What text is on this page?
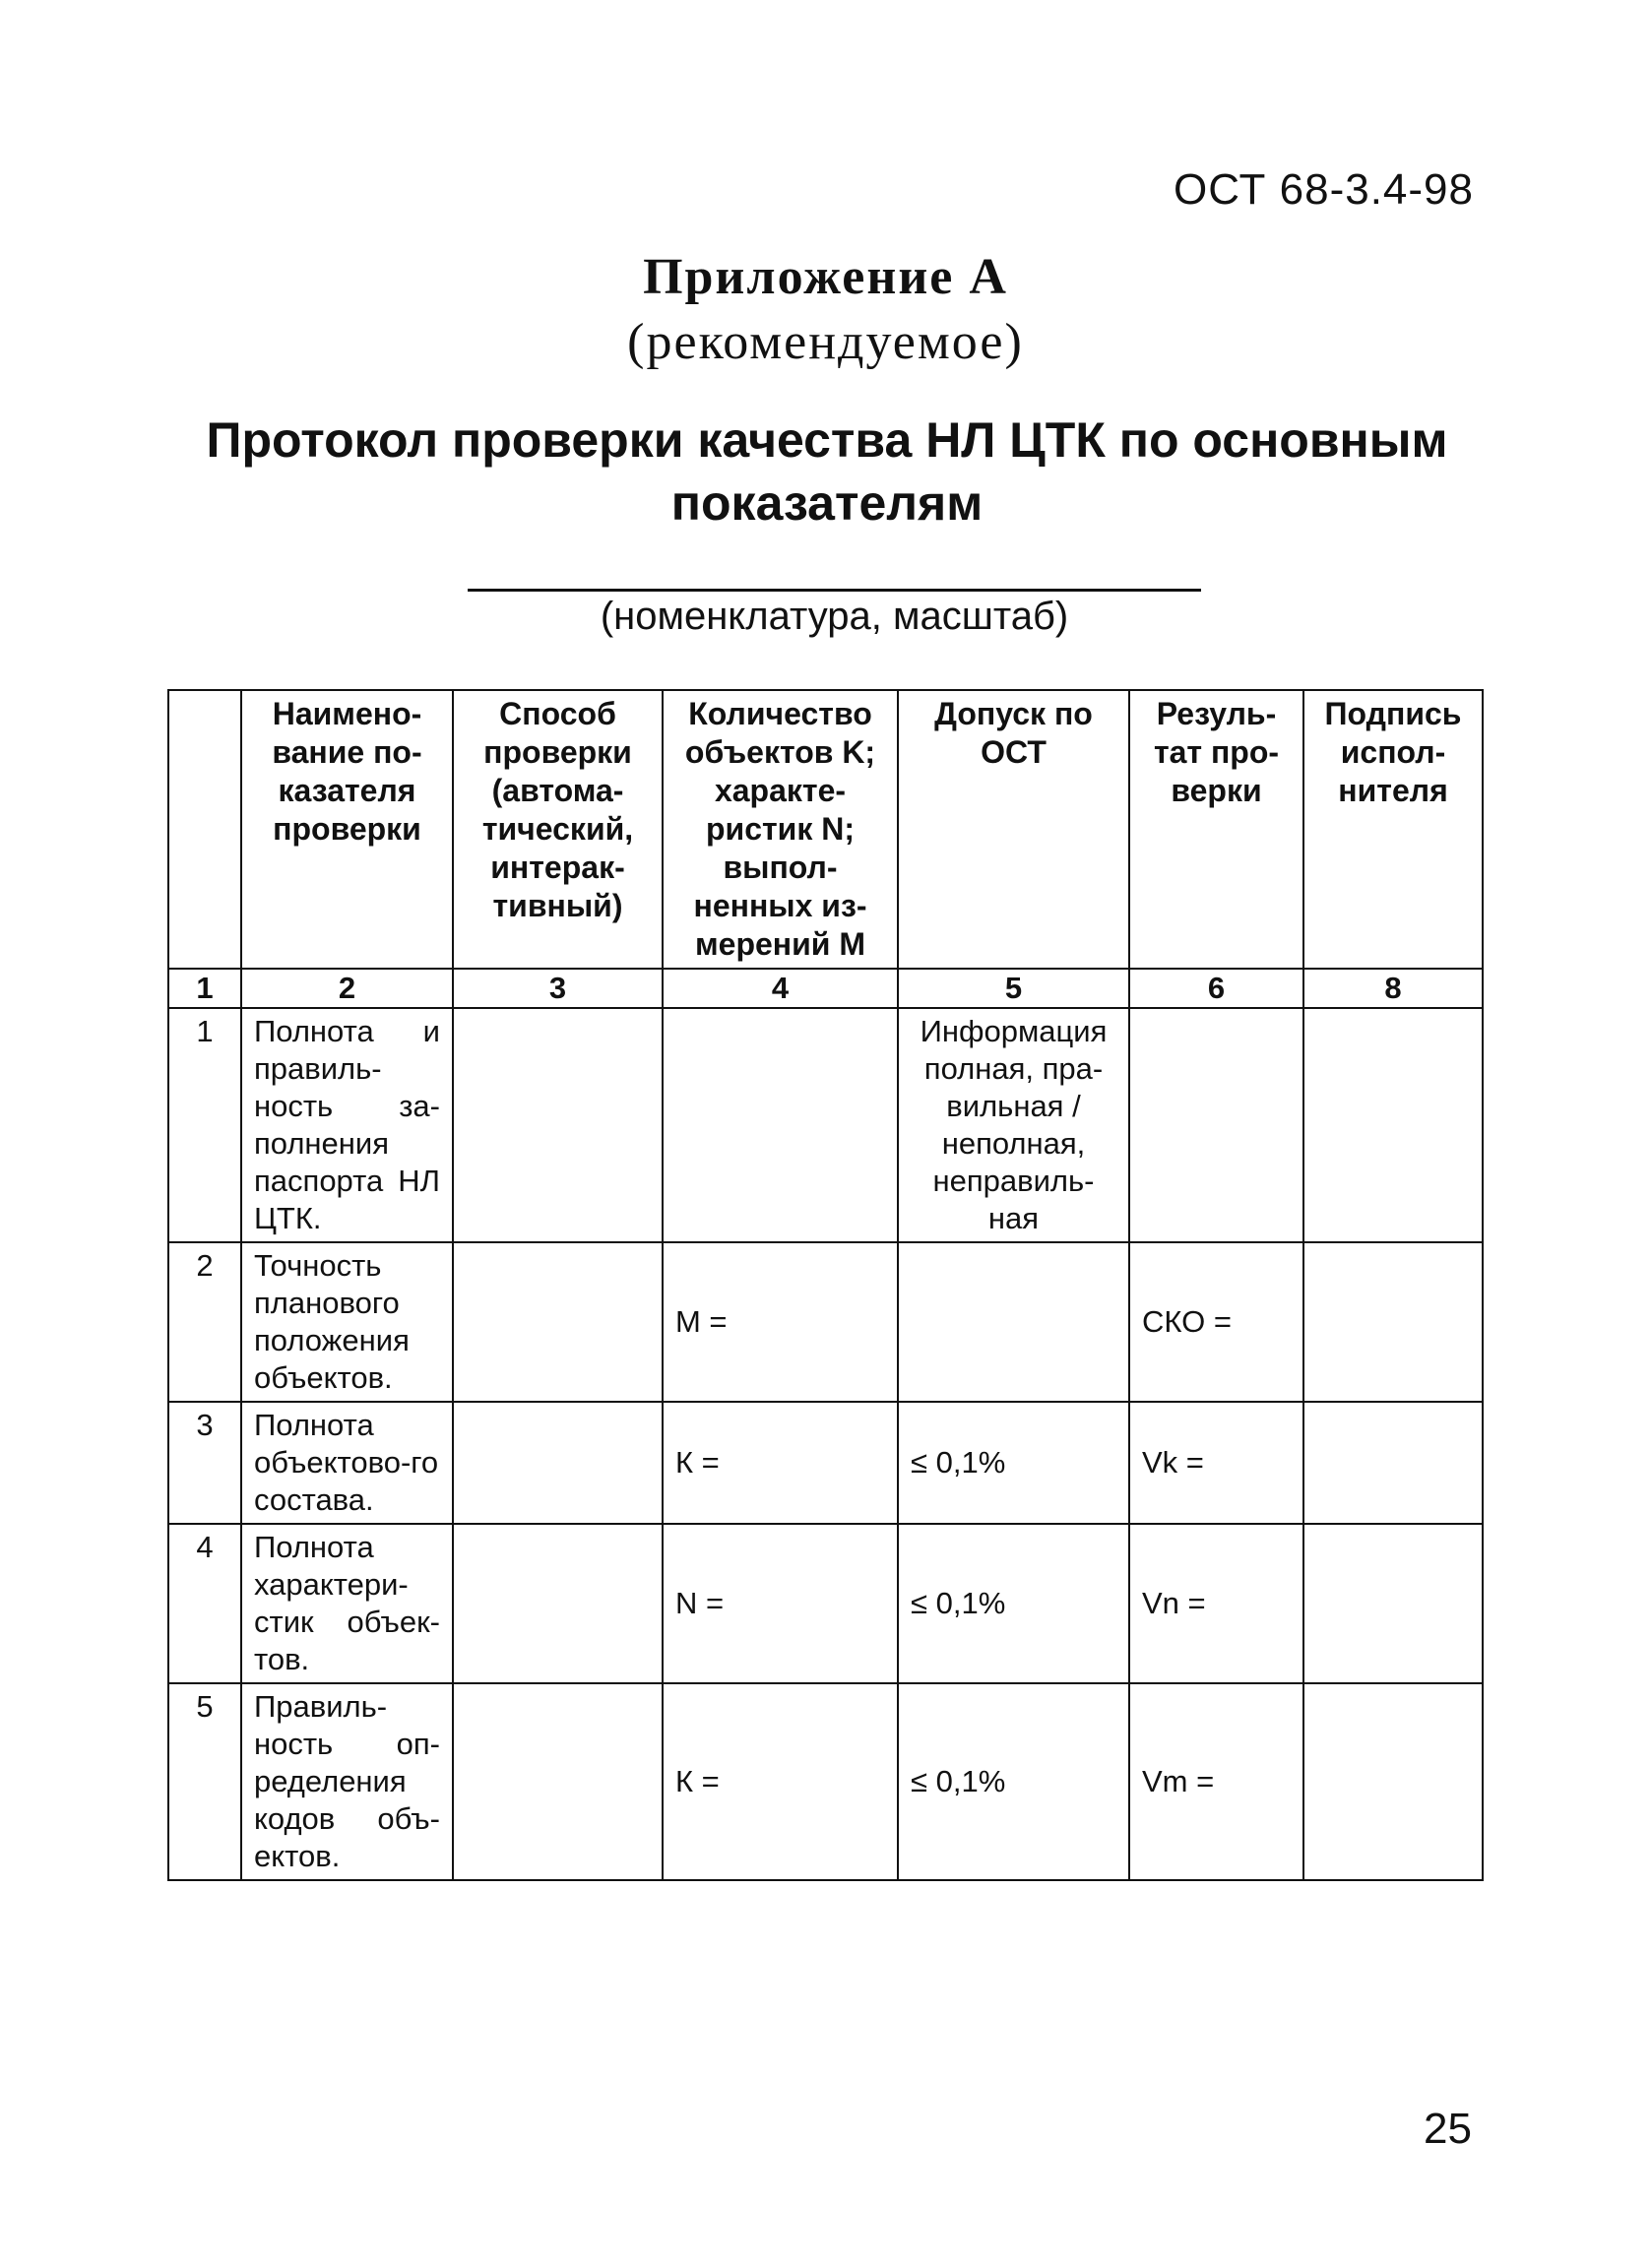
ОСТ 68-3.4-98
Приложение А
(рекомендуемое)
Протокол проверки качества НЛ ЦТК по основным
показателям
(номенклатура, масштаб)
	Наимено-вание по-казателя проверки	Способ проверки (автома-тический, интерак-тивный)	Количество объектов K; характе-ристик N; выпол-ненных из-мерений M	Допуск по ОСТ	Резуль-тат про-верки	Подпись испол-нителя
1	2	3	4	5	6	8
1	Полнота и правиль-ность за-полнения паспорта НЛ ЦТК.			Информация полная, пра-вильная / неполная, неправиль-ная		
2	Точность планового положения объектов.		М =		СКО =	
3	Полнота объектово-го состава.		К =	≤ 0,1%	Vk =	
4	Полнота характери-стик объек-тов.		N =	≤ 0,1%	Vn =	
5	Правиль-ность оп-ределения кодов объ-ектов.		К =	≤ 0,1%	Vm =	
25
